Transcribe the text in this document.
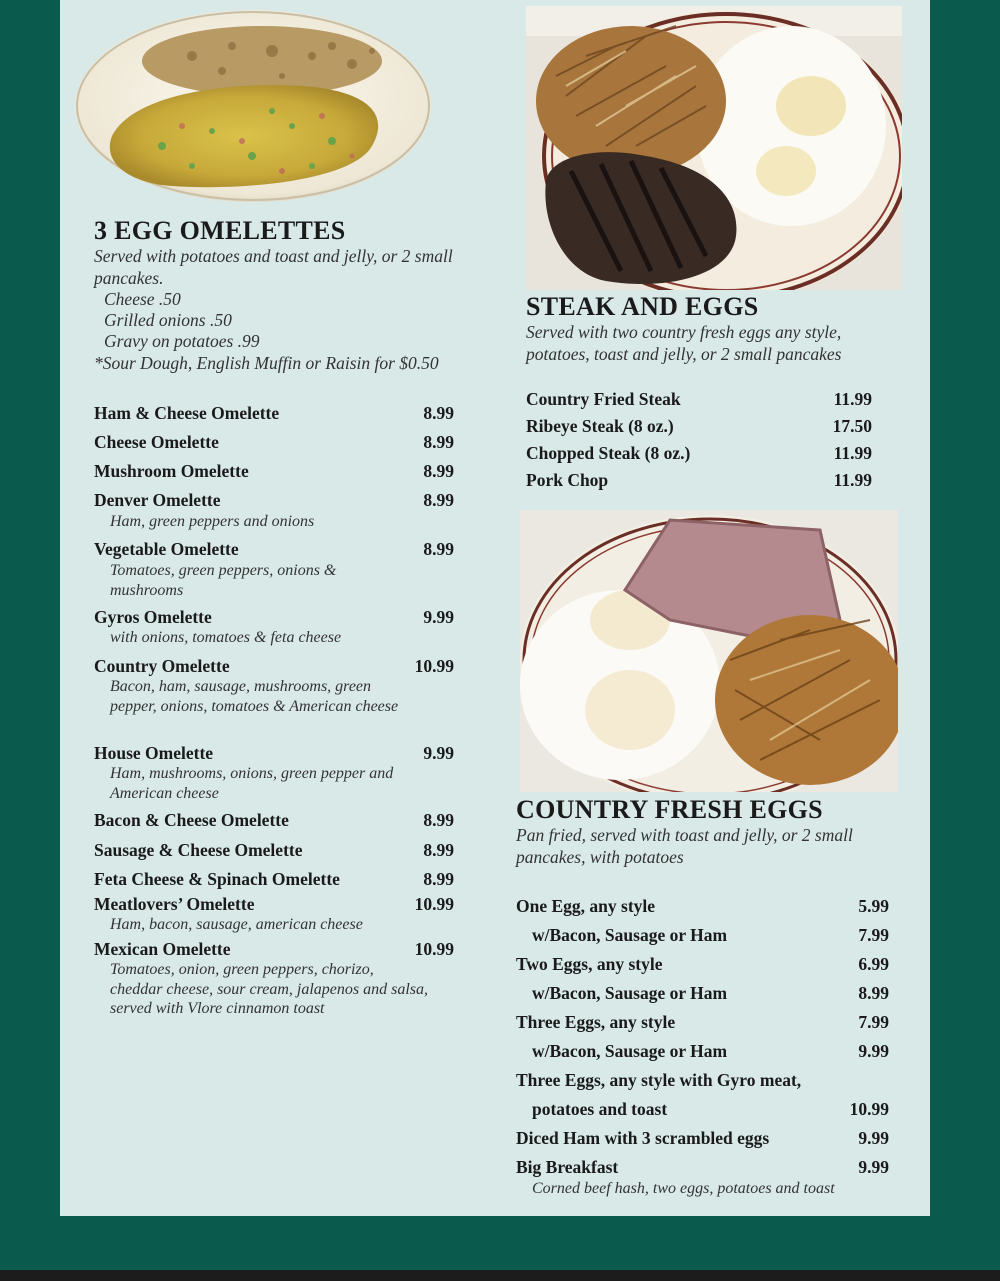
3 EGG OMELETTES
Served with potatoes and toast and jelly, or 2 small pancakes.
Cheese .50
Grilled onions .50
Gravy on potatoes .99
*Sour Dough, English Muffin or Raisin for $0.50
Ham & Cheese Omelette	8.99
Cheese Omelette	8.99
Mushroom Omelette	8.99
Denver Omelette	8.99
Ham, green peppers and onions
Vegetable Omelette	8.99
Tomatoes, green peppers, onions & mushrooms
Gyros Omelette	9.99
with onions, tomatoes & feta cheese
Country Omelette	10.99
Bacon, ham, sausage, mushrooms, green pepper, onions, tomatoes & American cheese
House Omelette	9.99
Ham, mushrooms, onions, green pepper and American cheese
Bacon & Cheese Omelette	8.99
Sausage & Cheese Omelette	8.99
Feta Cheese & Spinach Omelette	8.99
Meatlovers’ Omelette	10.99
Ham, bacon, sausage, american cheese
Mexican Omelette	10.99
Tomatoes, onion, green peppers, chorizo, cheddar cheese, sour cream, jalapenos and salsa, served with Vlore cinnamon toast
STEAK AND EGGS
Served with two country fresh eggs any style, potatoes, toast and jelly, or 2 small pancakes
Country Fried Steak	11.99
Ribeye Steak (8 oz.)	17.50
Chopped Steak (8 oz.)	11.99
Pork Chop	11.99
COUNTRY FRESH EGGS
Pan fried, served with toast and jelly, or 2 small pancakes, with potatoes
One Egg, any style	5.99
w/Bacon, Sausage or Ham	7.99
Two Eggs, any style	6.99
w/Bacon, Sausage or Ham	8.99
Three Eggs, any style	7.99
w/Bacon, Sausage or Ham	9.99
Three Eggs, any style with Gyro meat,
potatoes and toast	10.99
Diced Ham with 3 scrambled eggs	9.99
Big Breakfast	9.99
Corned beef hash, two eggs, potatoes and toast
